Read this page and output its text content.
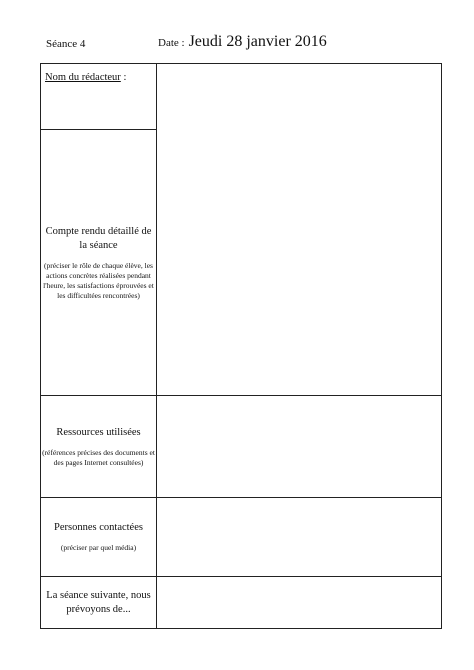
Séance 4	Date : Jeudi 28 janvier 2016
Nom du rédacteur :	

Compte rendu détaillé de la séance
(préciser le rôle de chaque élève, les actions concrètes réalisées pendant l'heure, les satisfactions éprouvées et les difficultées rencontrées)	

Ressources utilisées
(références précises des documents et des pages Internet consultées)	

Personnes contactées
(préciser par quel média)	

La séance suivante, nous prévoyons de...	
